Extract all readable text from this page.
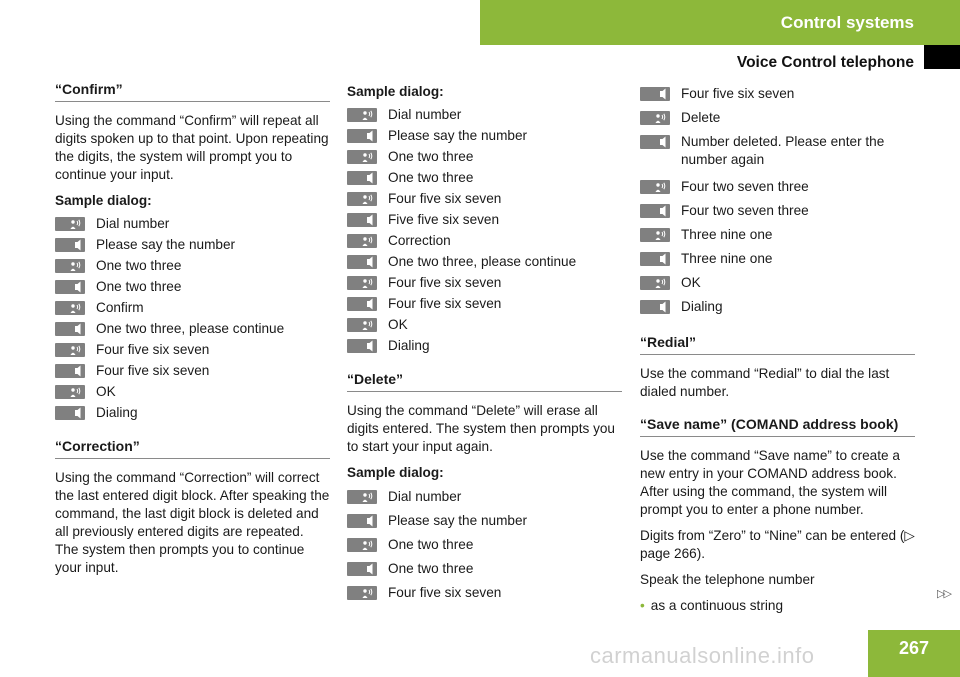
Control systems
Voice Control telephone
“Confirm”

Using the command “Confirm” will repeat all digits spoken up to that point. Upon repeating the digits, the system will prompt you to continue your input.

Sample dialog:
Dial number
Please say the number
One two three
One two three
Confirm
One two three, please continue
Four five six seven
Four five six seven
OK
Dialing
“Correction”

Using the command “Correction” will correct the last entered digit block. After speaking the command, the last digit block is deleted and all previously entered digits are repeated. The system then prompts you to continue your input.

Sample dialog:
Dial number
Please say the number
One two three
One two three
Four five six seven
Five five six seven
Correction
One two three, please continue
Four five six seven
Four five six seven
OK
Dialing
“Delete”

Using the command “Delete” will erase all digits entered. The system then prompts you to start your input again.

Sample dialog:
Dial number
Please say the number
One two three
One two three
Four five six seven
Four five six seven
Delete
Number deleted. Please enter the number again
Four two seven three
Four two seven three
Three nine one
Three nine one
OK
Dialing
“Redial”

Use the command “Redial” to dial the last dialed number.

“Save name” (COMAND address book)

Use the command “Save name” to create a new entry in your COMAND address book. After using the command, the system will prompt you to enter a phone number.

Digits from “Zero” to “Nine” can be entered (▷ page 266).

Speak the telephone number

• as a continuous string
▷▷
267
carmanualsonline.info
